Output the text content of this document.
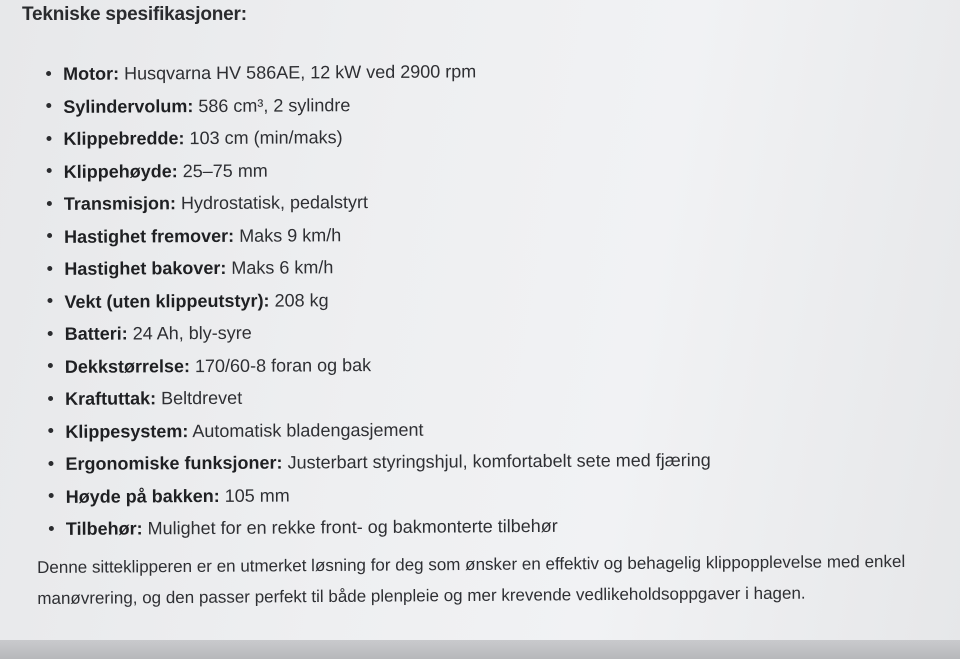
Tekniske spesifikasjoner:
Motor: Husqvarna HV 586AE, 12 kW ved 2900 rpm
Sylindervolum: 586 cm³, 2 sylindre
Klippebredde: 103 cm (min/maks)
Klippehøyde: 25–75 mm
Transmisjon: Hydrostatisk, pedalstyrt
Hastighet fremover: Maks 9 km/h
Hastighet bakover: Maks 6 km/h
Vekt (uten klippeutstyr): 208 kg
Batteri: 24 Ah, bly-syre
Dekkstørrelse: 170/60-8 foran og bak
Kraftuttak: Beltdrevet
Klippesystem: Automatisk bladengasjement
Ergonomiske funksjoner: Justerbart styringshjul, komfortabelt sete med fjæring
Høyde på bakken: 105 mm
Tilbehør: Mulighet for en rekke front- og bakmonterte tilbehør

Denne sitteklipperen er en utmerket løsning for deg som ønsker en effektiv og behagelig klippopplevelse med enkel manøvrering, og den passer perfekt til både plenpleie og mer krevende vedlikeholdsoppgaver i hagen.
